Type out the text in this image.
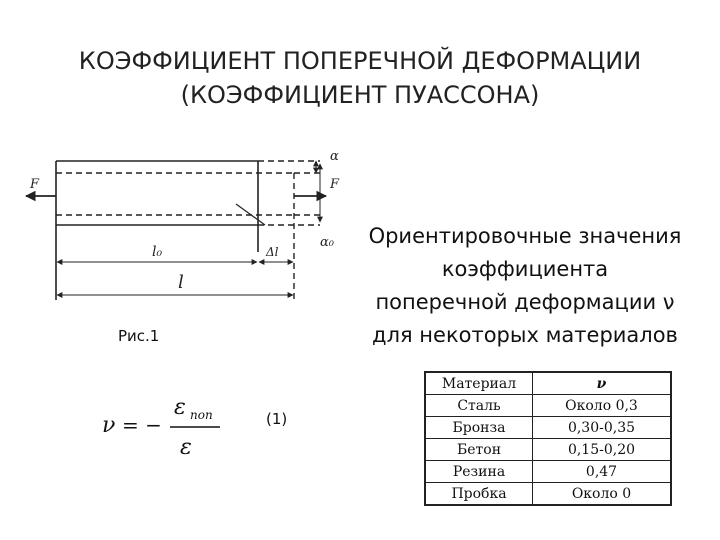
КОЭФФИЦИЕНТ ПОПЕРЕЧНОЙ ДЕФОРМАЦИИ
(КОЭФФИЦИЕНТ ПУАССОНА)
F	F
α
α₀
l₀	Δl
l
Рис.1
ν = −
ε поп
ε
(1)
Ориентировочные значения
коэффициента
поперечной деформации ν
для некоторых материалов
Материал	ν
Сталь	Около 0,3
Бронза	0,30-0,35
Бетон	0,15-0,20
Резина	0,47
Пробка	Около 0
